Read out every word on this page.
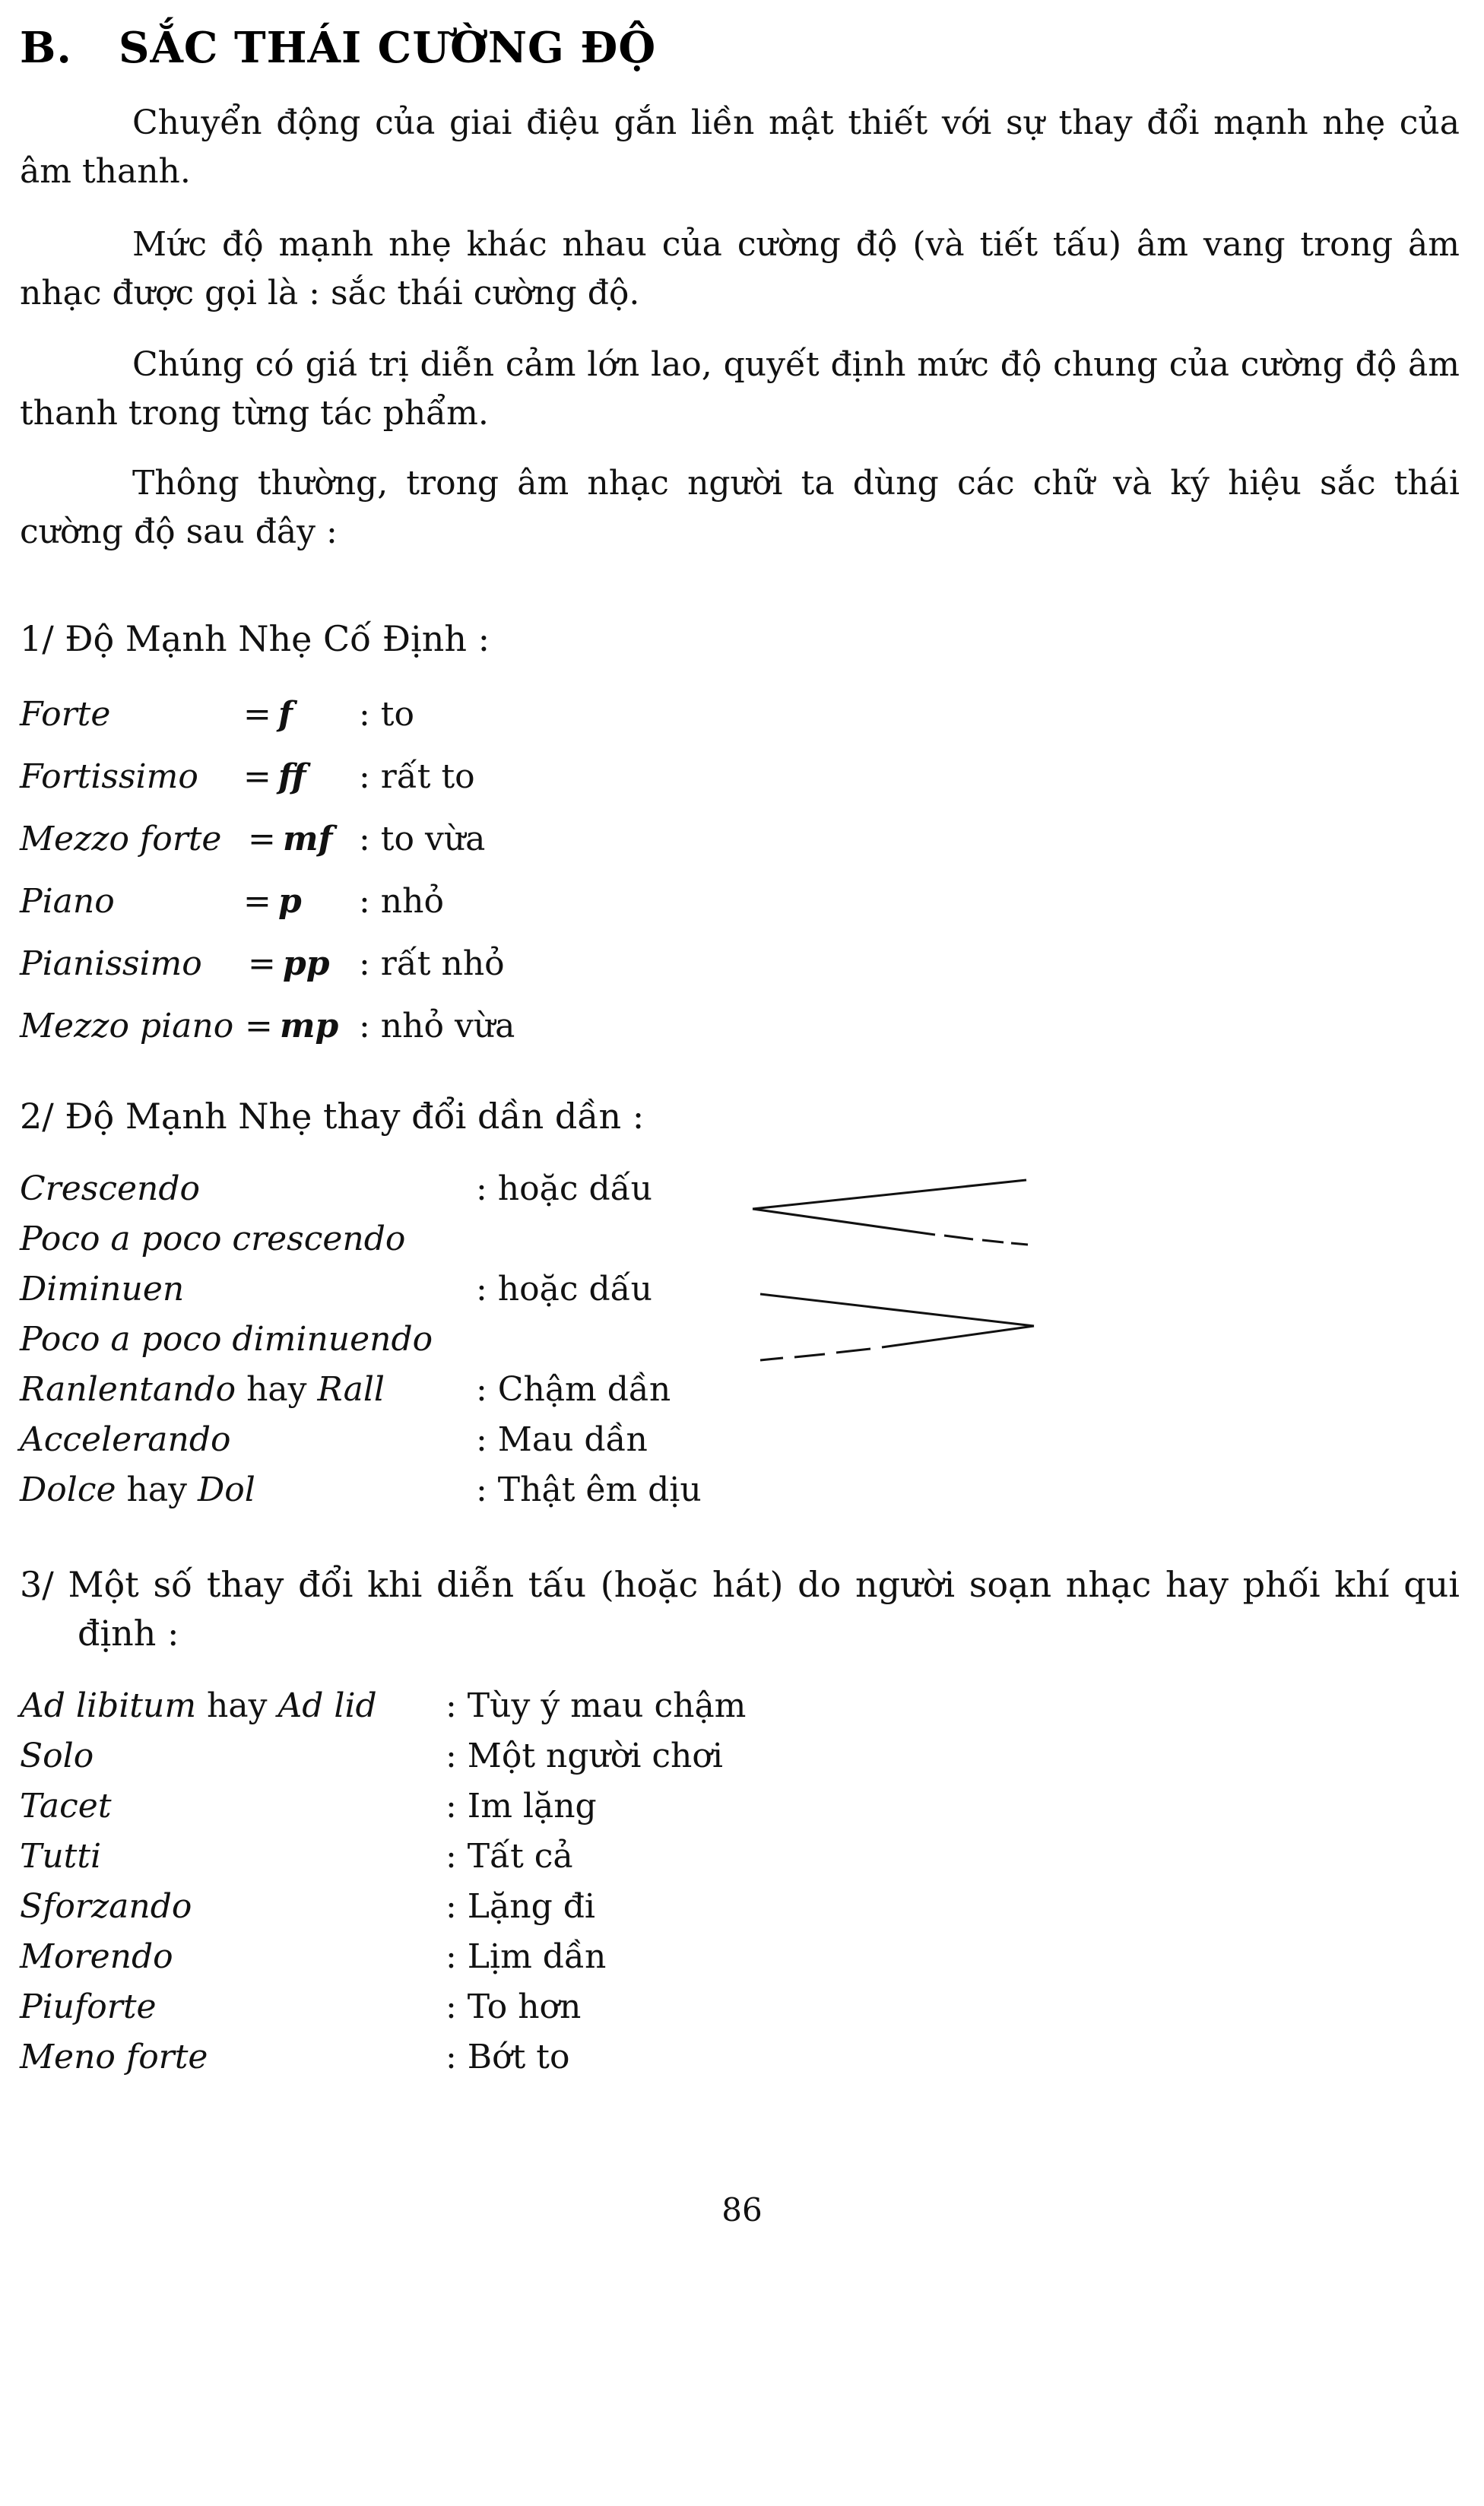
B. SẮC THÁI CƯỜNG ĐỘ
Chuyển động của giai điệu gắn liền mật thiết với sự thay đổi mạnh nhẹ của âm thanh.
Mức độ mạnh nhẹ khác nhau của cường độ (và tiết tấu) âm vang trong âm nhạc được gọi là : sắc thái cường độ.
Chúng có giá trị diễn cảm lớn lao, quyết định mức độ chung của cường độ âm thanh trong từng tác phẩm.
Thông thường, trong âm nhạc người ta dùng các chữ và ký hiệu sắc thái cường độ sau đây :
1/ Độ Mạnh Nhẹ Cố Định :
Forte	= f : to
Fortissimo = ff : rất to
Mezzo forte = mf : to vừa
Piano	= p : nhỏ
Pianissimo = pp : rất nhỏ
Mezzo piano = mp : nhỏ vừa
2/ Độ Mạnh Nhẹ thay đổi dần dần :
Crescendo	: hoặc dấu
Poco a poco crescendo
Diminuen	: hoặc dấu
Poco a poco diminuendo
Ranlentando hay Rall	: Chậm dần
Accelerando	: Mau dần
Dolce hay Dol	: Thật êm dịu
3/ Một số thay đổi khi diễn tấu (hoặc hát) do người soạn nhạc hay phối khí qui định :
Ad libitum hay Ad lid : Tùy ý mau chậm
Solo	: Một người chơi
Tacet	: Im lặng
Tutti	: Tất cả
Sforzando	: Lặng đi
Morendo	: Lịm dần
Piuforte	: To hơn
Meno forte	: Bớt to
86
